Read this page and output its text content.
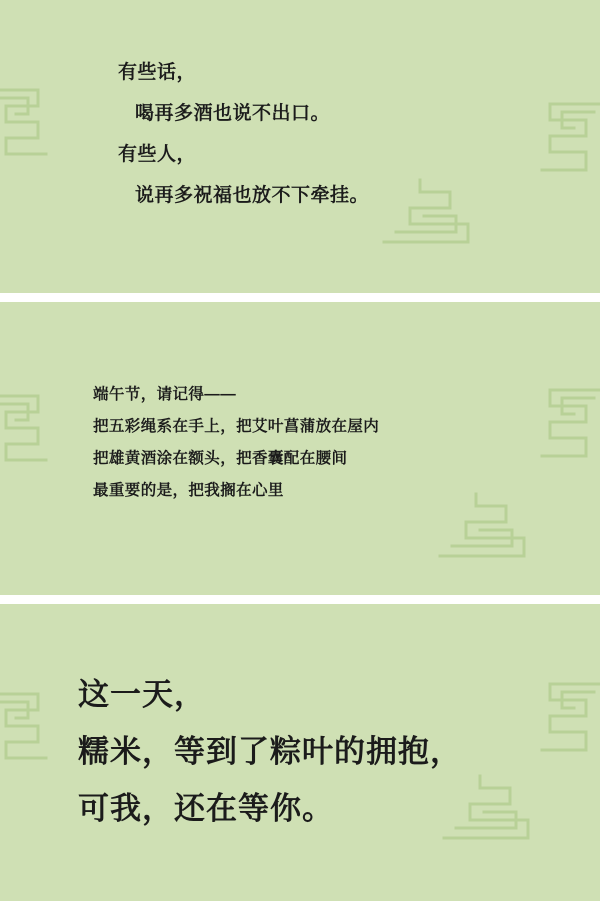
有些话，
喝再多酒也说不出口。
有些人，
说再多祝福也放不下牵挂。
端午节，请记得——
把五彩绳系在手上，把艾叶菖蒲放在屋内
把雄黄酒涂在额头，把香囊配在腰间
最重要的是，把我搁在心里
这一天，
糯米，等到了粽叶的拥抱，
可我，还在等你。
